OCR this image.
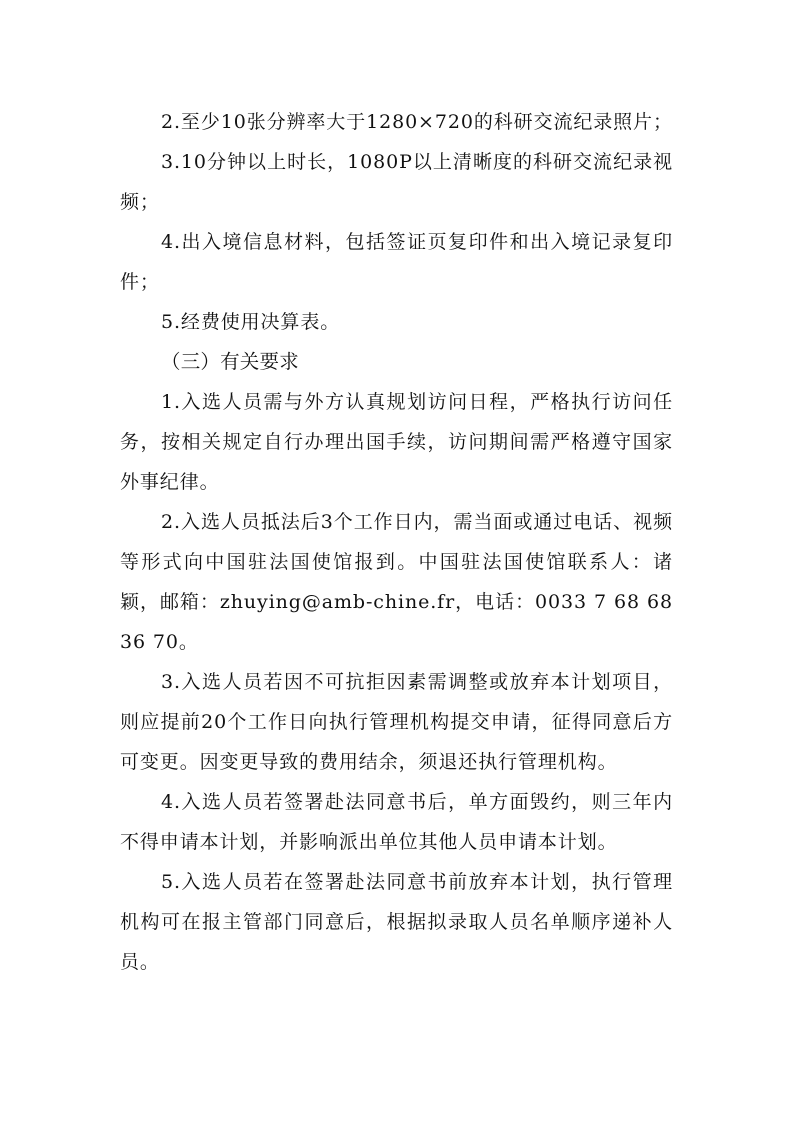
2.至少10张分辨率大于1280×720的科研交流纪录照片；

3.10分钟以上时长，1080P以上清晰度的科研交流纪录视频；

4.出入境信息材料，包括签证页复印件和出入境记录复印件；

5.经费使用决算表。

（三）有关要求

1.入选人员需与外方认真规划访问日程，严格执行访问任务，按相关规定自行办理出国手续，访问期间需严格遵守国家外事纪律。

2.入选人员抵法后3个工作日内，需当面或通过电话、视频等形式向中国驻法国使馆报到。中国驻法国使馆联系人：诸颖，邮箱：zhuying@amb-chine.fr，电话：0033 7 68 68 36 70。

3.入选人员若因不可抗拒因素需调整或放弃本计划项目，则应提前20个工作日向执行管理机构提交申请，征得同意后方可变更。因变更导致的费用结余，须退还执行管理机构。

4.入选人员若签署赴法同意书后，单方面毁约，则三年内不得申请本计划，并影响派出单位其他人员申请本计划。

5.入选人员若在签署赴法同意书前放弃本计划，执行管理机构可在报主管部门同意后，根据拟录取人员名单顺序递补人员。
